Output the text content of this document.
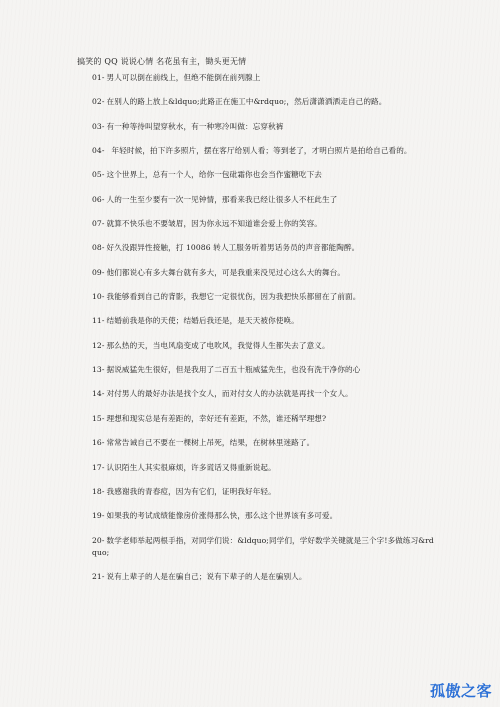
搞笑的 QQ 说说心情 名花虽有主，锄头更无情
01- 男人可以倒在前线上，但绝不能倒在前列腺上
02- 在别人的路上放上&ldquo;此路正在施工中&rdquo;，然后潇潇洒洒走自己的路。
03- 有一种等待叫望穿秋水，有一种寒冷叫做：忘穿秋裤
04-  年轻时候，拍下许多照片，摆在客厅给别人看；等到老了，才明白照片是拍给自己看的。
05- 这个世界上，总有一个人，给你一包砒霜你也会当作蜜糖吃下去
06- 人的一生至少要有一次一见钟情，那看来我已经让很多人不枉此生了
07- 就算不快乐也不要皱眉，因为你永远不知道谁会爱上你的笑容。
08- 好久没跟异性接触，打 10086 转人工服务听着男话务员的声音都能陶醉。
09- 他们都说心有多大舞台就有多大，可是我重来没见过心这么大的舞台。
10- 我能够看到自己的背影，我想它一定很忧伤，因为我把快乐都留在了前面。
11- 结婚前我是你的天使；结婚后我还是，是天天被你使唤。
12- 那么热的天，当电风扇变成了电吹风，我觉得人生都失去了意义。
13- 据说威猛先生很好，但是我用了二百五十瓶威猛先生，也没有洗干净你的心
14- 对付男人的最好办法是找个女人，而对付女人的办法就是再找一个女人。
15- 理想和现实总是有差距的，幸好还有差距，不然，谁还稀罕理想?
16- 常常告诫自己不要在一棵树上吊死，结果，在树林里迷路了。
17- 认识陌生人其实很麻烦，许多谎话又得重新说起。
18- 我感谢我的青春痘，因为有它们，证明我好年轻。
19- 如果我的考试成绩能像房价涨得那么快，那么这个世界该有多可爱。
20- 数学老师举起两根手指，对同学们说：&ldquo;同学们，学好数学关键就是三个字!多做练习&rdquo;
21- 说有上辈子的人是在骗自己；说有下辈子的人是在骗别人。
孤傲之客
